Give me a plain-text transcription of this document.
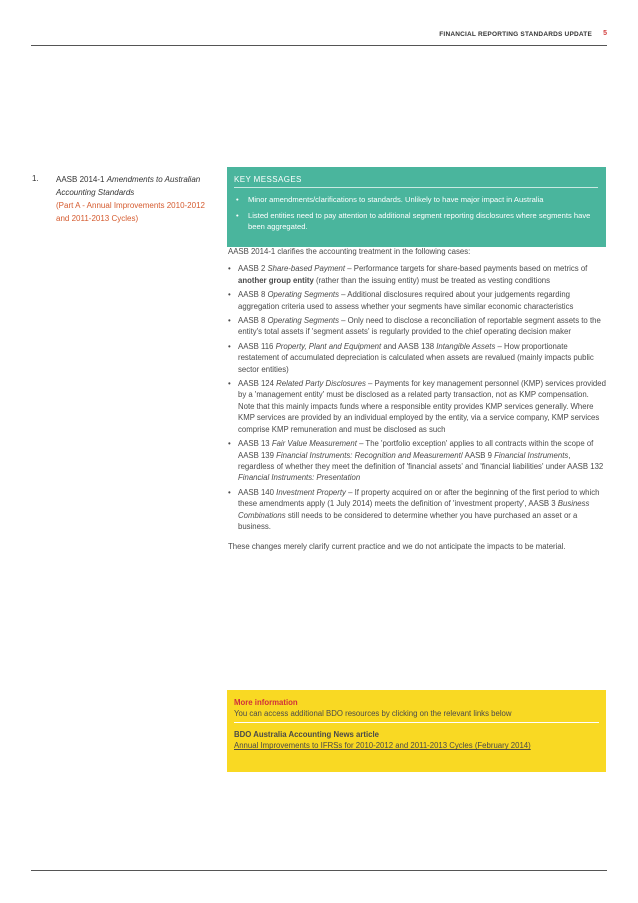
FINANCIAL REPORTING STANDARDS UPDATE 5
1. AASB 2014-1 Amendments to Australian Accounting Standards
(Part A - Annual Improvements 2010-2012 and 2011-2013 Cycles)
KEY MESSAGES
• Minor amendments/clarifications to standards. Unlikely to have major impact in Australia
• Listed entities need to pay attention to additional segment reporting disclosures where segments have been aggregated.

AASB 2014-1 clarifies the accounting treatment in the following cases:

• AASB 2 Share-based Payment – Performance targets for share-based payments based on metrics of another group entity (rather than the issuing entity) must be treated as vesting conditions
• AASB 8 Operating Segments – Additional disclosures required about your judgements regarding aggregation criteria used to assess whether your segments have similar economic characteristics
• AASB 8 Operating Segments – Only need to disclose a reconciliation of reportable segment assets to the entity's total assets if 'segment assets' is regularly provided to the chief operating decision maker
• AASB 116 Property, Plant and Equipment and AASB 138 Intangible Assets – How proportionate restatement of accumulated depreciation is calculated when assets are revalued (mainly impacts public sector entities)
• AASB 124 Related Party Disclosures – Payments for key management personnel (KMP) services provided by a 'management entity' must be disclosed as a related party transaction, not as KMP compensation. Note that this mainly impacts funds where a responsible entity provides KMP services generally. Where KMP services are provided by an individual employed by the entity, via a service company, KMP services comprise KMP remuneration and must be disclosed as such
• AASB 13 Fair Value Measurement – The 'portfolio exception' applies to all contracts within the scope of AASB 139 Financial Instruments: Recognition and Measurement/ AASB 9 Financial Instruments, regardless of whether they meet the definition of 'financial assets' and 'financial liabilities' under AASB 132 Financial Instruments: Presentation
• AASB 140 Investment Property – If property acquired on or after the beginning of the first period to which these amendments apply (1 July 2014) meets the definition of 'investment property', AASB 3 Business Combinations still needs to be considered to determine whether you have purchased an asset or a business.

These changes merely clarify current practice and we do not anticipate the impacts to be material.

More information
You can access additional BDO resources by clicking on the relevant links below
BDO Australia Accounting News article
Annual Improvements to IFRSs for 2010-2012 and 2011-2013 Cycles (February 2014)
